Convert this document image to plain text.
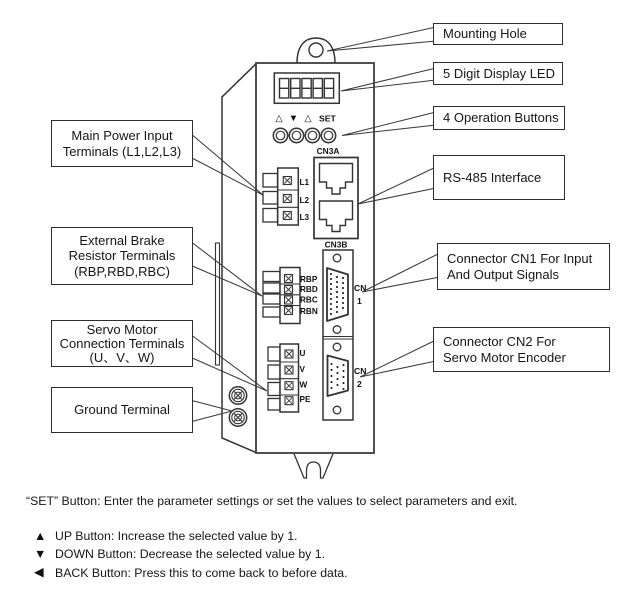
△ ▼ △ SET
CN3A
CN3B
CN
1
CN
2
L1
L2
L3
RBP
RBD
RBC
RBN
U
V
W
PE
Main Power Input
Terminals (L1,L2,L3)
External Brake
Resistor Terminals
(RBP,RBD,RBC)
Servo Motor
Connection Terminals
(U、V、W)
Ground Terminal
Mounting Hole
5 Digit Display LED
4 Operation Buttons
RS-485 Interface
Connector CN1 For Input
And Output Signals
Connector CN2 For
Servo Motor Encoder
“SET” Button: Enter the parameter settings or set the values to select parameters and exit.
▲ UP Button: Increase the selected value by 1.
▼ DOWN Button: Decrease the selected value by 1.
◀ BACK Button: Press this to come back to before data.
